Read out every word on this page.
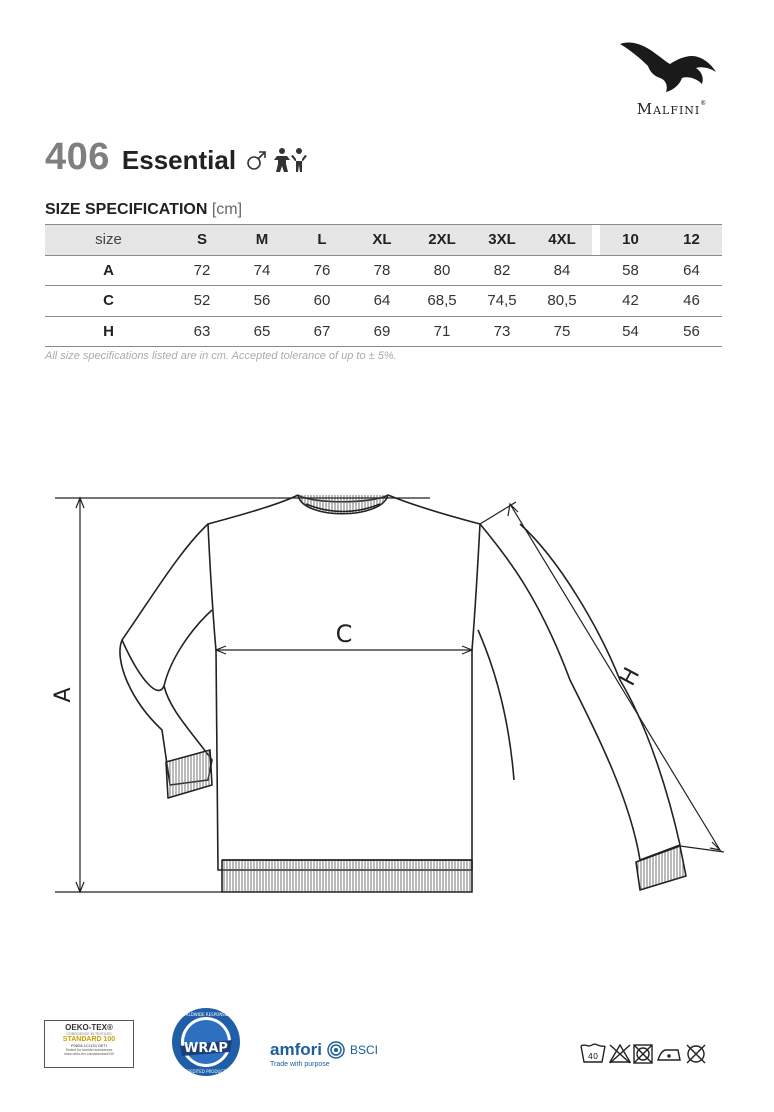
MALFINI®
406 Essential
SIZE SPECIFICATION [cm]
size	S	M	L	XL	2XL	3XL	4XL		10	12
A	72	74	76	78	80	82	84		58	64
C	52	56	60	64	68,5	74,5	80,5		42	46
H	63	65	67	69	71	73	75		54	56
All size specifications listed are in cm. Accepted tolerance of up to ± 5%.
A
C
H
OEKO-TEX®
CONFIDENCE IN TEXTILES
STANDARD 100
P0828-1CI133 OETI
Tested for harmful substances
www.oeko-tex.com/standard100	WRAP
WORLDWIDE RESPONSIBLE
ACCREDITED PRODUCTION
amfori BSCI
Trade with purpose
40
